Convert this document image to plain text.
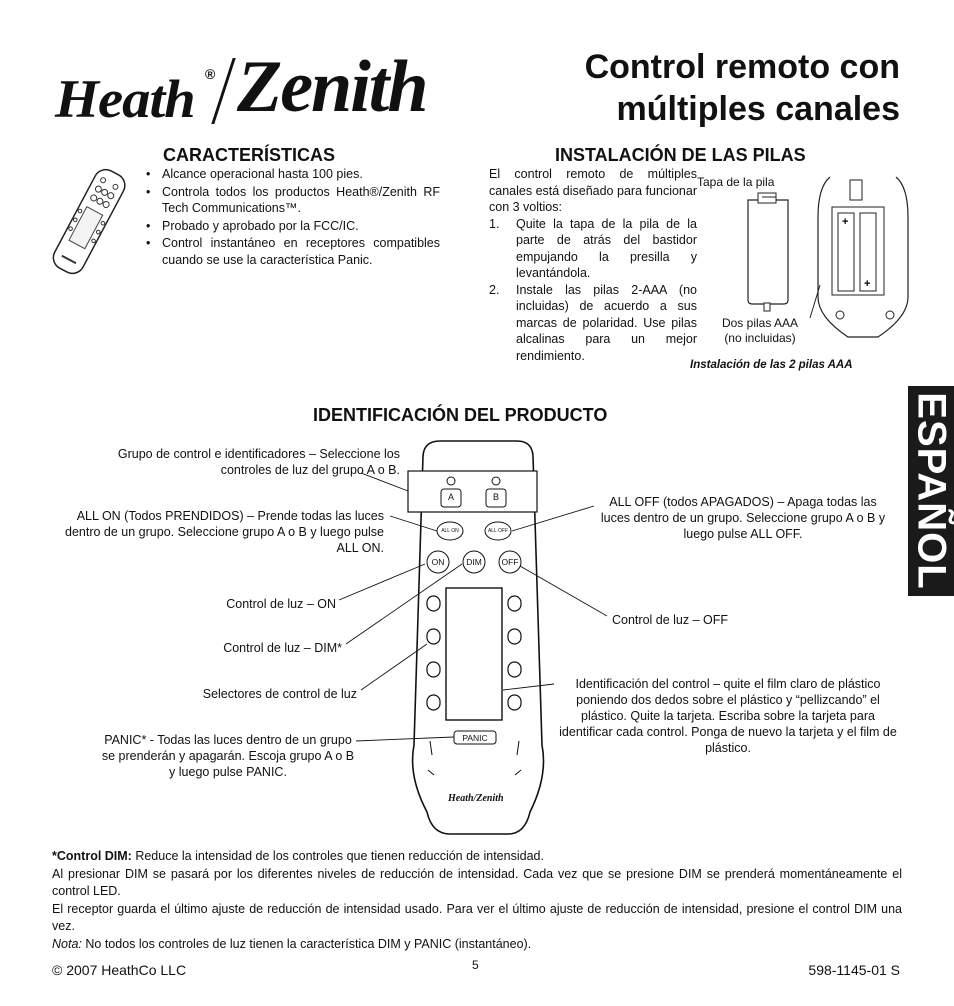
Heath ® Zenith	Control remoto con
múltiples canales
CARACTERÍSTICAS
• Alcance operacional hasta 100 pies.
• Controla todos los productos Heath®/Zenith RF Tech Communications™.
• Probado y aprobado por la FCC/IC.
• Control instantáneo en receptores compatibles cuando se use la característica Panic.
INSTALACIÓN DE LAS PILAS
El control remoto de múltiples canales está diseñado para funcionar con 3 voltios:
1. Quite la tapa de la pila de la parte de atrás del bastidor empujando la presilla y levantándola.
2. Instale las pilas 2-AAA (no incluidas) de acuerdo a sus marcas de polaridad. Use pilas alcalinas para un mejor rendimiento.
Tapa de la pila
Dos pilas AAA
(no incluidas)
Instalación de las 2 pilas AAA
+
+
IDENTIFICACIÓN DEL PRODUCTO
Grupo de control e identificadores – Seleccione los controles de luz del grupo A o B.
ALL ON (Todos PRENDIDOS) – Prende todas las luces dentro de un grupo. Seleccione grupo A o B y luego pulse ALL ON.
Control de luz – ON
Control de luz – DIM*
Selectores de control de luz
PANIC* - Todas las luces dentro de un grupo se prenderán y apagarán. Escoja grupo A o B y luego pulse PANIC.
ALL OFF (todos APAGADOS) – Apaga todas las luces dentro de un grupo. Seleccione grupo A o B y luego pulse ALL OFF.
Control de luz – OFF
Identificación del control – quite el film claro de plástico poniendo dos dedos sobre el plástico y “pellizcando” el plástico. Quite la tarjeta. Escriba sobre la tarjeta para identificar cada control. Ponga de nuevo la tarjeta y el film de plástico.
A	B
ALL ON	ALL OFF
ON	DIM	OFF
PANIC
Heath/Zenith
ESPAÑOL

*Control DIM: Reduce la intensidad de los controles que tienen reducción de intensidad.

Al presionar DIM se pasará por los diferentes niveles de reducción de intensidad. Cada vez que se presione DIM se prenderá momentáneamente el control LED.

El receptor guarda el último ajuste de reducción de intensidad usado. Para ver el último ajuste de reducción de intensidad, presione el control DIM una vez.

Nota: No todos los controles de luz tienen la característica DIM y PANIC (instantáneo).

© 2007 HeathCo LLC	5	598-1145-01 S
